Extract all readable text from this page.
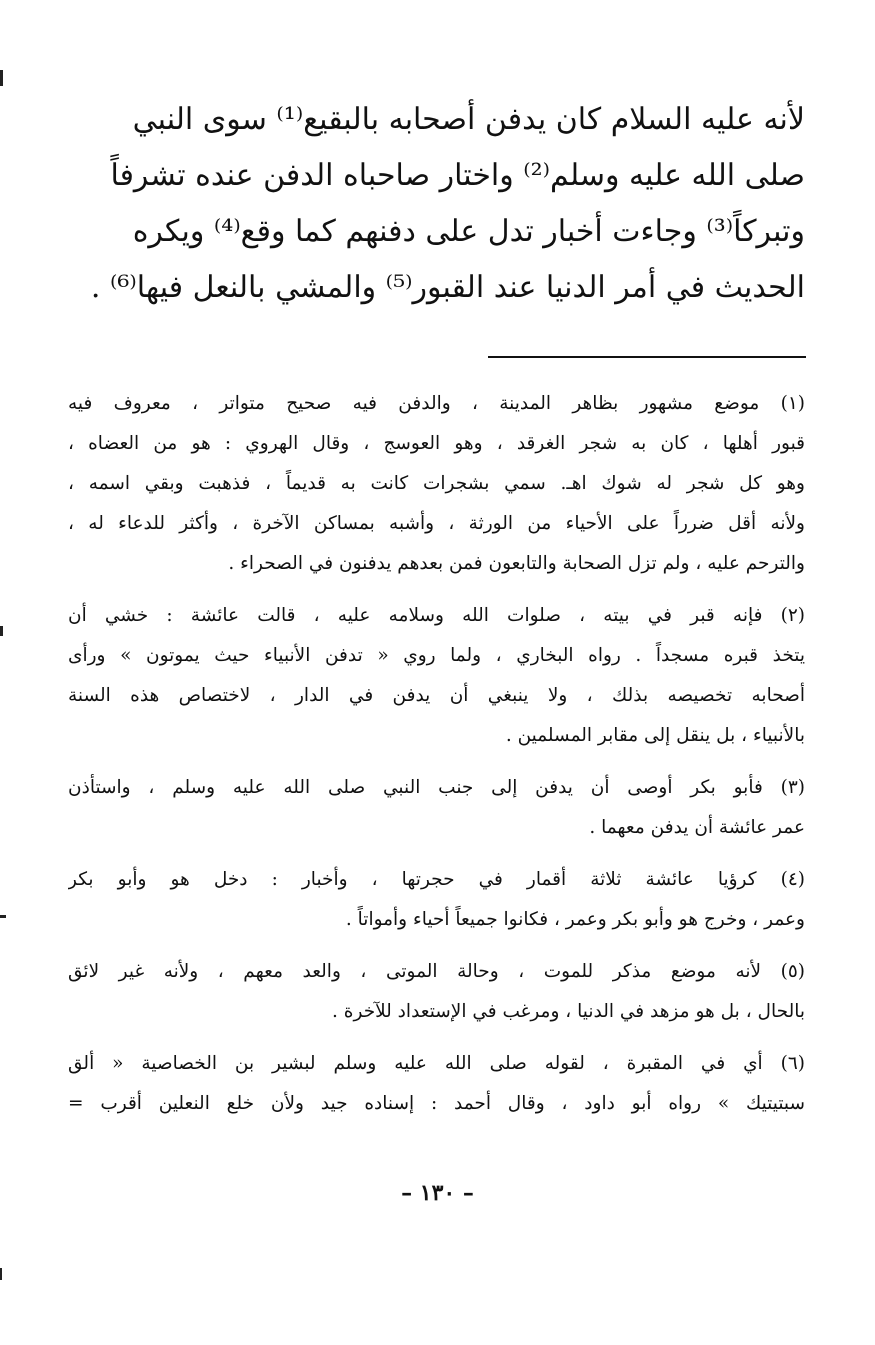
لأنه عليه السلام كان يدفن أصحابه بالبقيع⁽¹⁾ سوى النبي
صلى الله عليه وسلم⁽²⁾ واختار صاحباه الدفن عنده تشرفاً
وتبركاً⁽³⁾ وجاءت أخبار تدل على دفنهم كما وقع⁽⁴⁾ ويكره
الحديث في أمر الدنيا عند القبور⁽⁵⁾ والمشي بالنعل فيها⁽⁶⁾ .
(١) موضع مشهور بظاهر المدينة ، والدفن فيه صحيح متواتر ، معروف فيه
قبور أهلها ، كان به شجر الغرقد ، وهو العوسج ، وقال الهروي : هو من العضاه ،
وهو كل شجر له شوك اهـ. سمي بشجرات كانت به قديماً ، فذهبت وبقي اسمه ،
ولأنه أقل ضرراً على الأحياء من الورثة ، وأشبه بمساكن الآخرة ، وأكثر للدعاء له ،
والترحم عليه ، ولم تزل الصحابة والتابعون فمن بعدهم يدفنون في الصحراء .
(٢) فإنه قبر في بيته ، صلوات الله وسلامه عليه ، قالت عائشة : خشي أن
يتخذ قبره مسجداً . رواه البخاري ، ولما روي « تدفن الأنبياء حيث يموتون » ورأى
أصحابه تخصيصه بذلك ، ولا ينبغي أن يدفن في الدار ، لاختصاص هذه السنة
بالأنبياء ، بل ينقل إلى مقابر المسلمين .
(٣) فأبو بكر أوصى أن يدفن إلى جنب النبي صلى الله عليه وسلم ، واستأذن
عمر عائشة أن يدفن معهما .
(٤) كرؤيا عائشة ثلاثة أقمار في حجرتها ، وأخبار : دخل هو وأبو بكر
وعمر ، وخرج هو وأبو بكر وعمر ، فكانوا جميعاً أحياء وأمواتاً .
(٥) لأنه موضع مذكر للموت ، وحالة الموتى ، والعد معهم ، ولأنه غير لائق
بالحال ، بل هو مزهد في الدنيا ، ومرغب في الإستعداد للآخرة .
(٦) أي في المقبرة ، لقوله صلى الله عليه وسلم لبشير بن الخصاصية « ألق
سبتيتيك » رواه أبو داود ، وقال أحمد : إسناده جيد ولأن خلع النعلين أقرب =
– ١٣٠ –
